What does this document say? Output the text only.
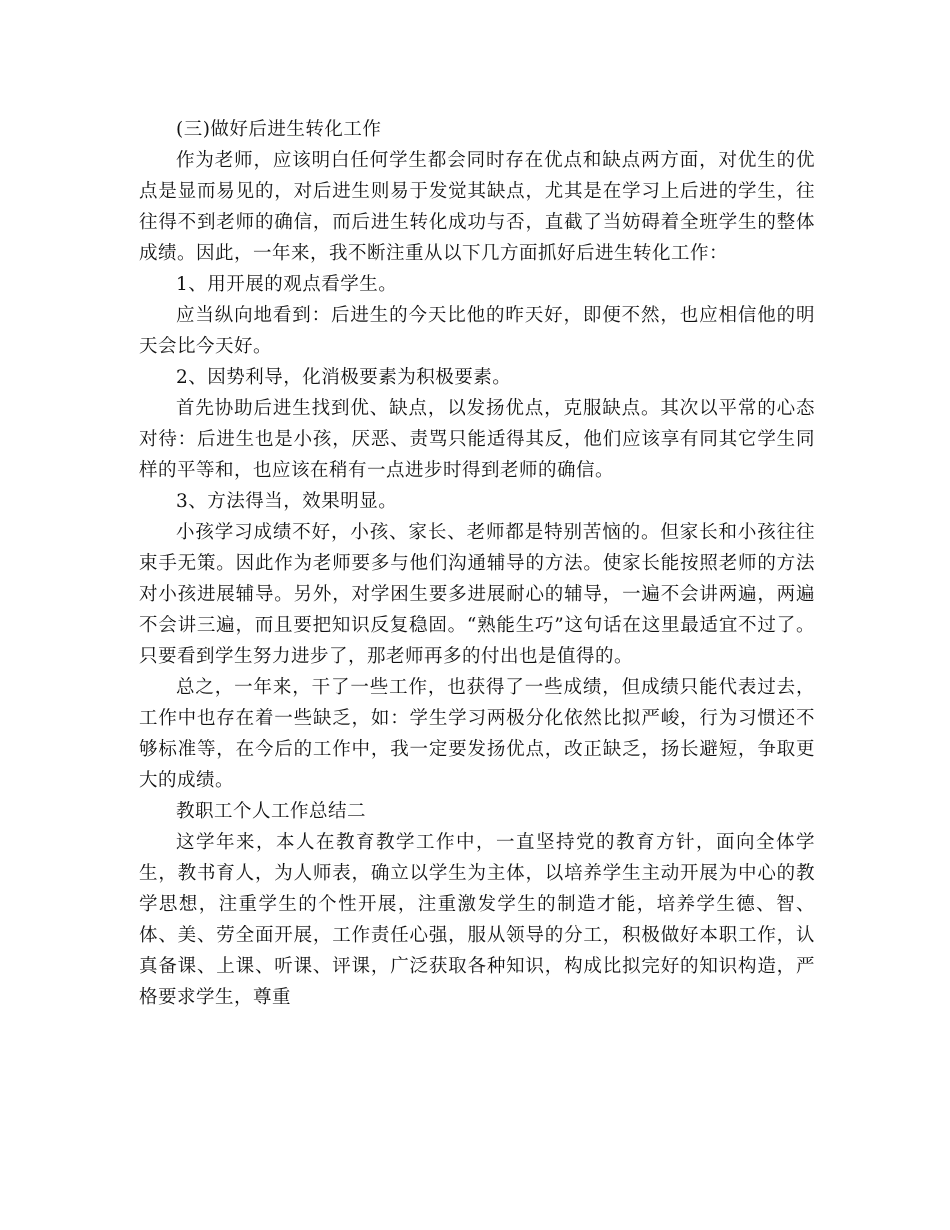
(三)做好后进生转化工作

作为老师，应该明白任何学生都会同时存在优点和缺点两方面，对优生的优点是显而易见的，对后进生则易于发觉其缺点，尤其是在学习上后进的学生，往往得不到老师的确信，而后进生转化成功与否，直截了当妨碍着全班学生的整体成绩。因此，一年来，我不断注重从以下几方面抓好后进生转化工作：

1、用开展的观点看学生。

应当纵向地看到：后进生的今天比他的昨天好，即便不然，也应相信他的明天会比今天好。

2、因势利导，化消极要素为积极要素。

首先协助后进生找到优、缺点，以发扬优点，克服缺点。其次以平常的心态对待：后进生也是小孩，厌恶、责骂只能适得其反，他们应该享有同其它学生同样的平等和，也应该在稍有一点进步时得到老师的确信。

3、方法得当，效果明显。

小孩学习成绩不好，小孩、家长、老师都是特别苦恼的。但家长和小孩往往束手无策。因此作为老师要多与他们沟通辅导的方法。使家长能按照老师的方法对小孩进展辅导。另外，对学困生要多进展耐心的辅导，一遍不会讲两遍，两遍不会讲三遍，而且要把知识反复稳固。“熟能生巧”这句话在这里最适宜不过了。只要看到学生努力进步了，那老师再多的付出也是值得的。

总之，一年来，干了一些工作，也获得了一些成绩，但成绩只能代表过去，工作中也存在着一些缺乏，如：学生学习两极分化依然比拟严峻，行为习惯还不够标准等，在今后的工作中，我一定要发扬优点，改正缺乏，扬长避短，争取更大的成绩。

教职工个人工作总结二

这学年来，本人在教育教学工作中，一直坚持党的教育方针，面向全体学生，教书育人，为人师表，确立以学生为主体，以培养学生主动开展为中心的教学思想，注重学生的个性开展，注重激发学生的制造才能，培养学生德、智、体、美、劳全面开展，工作责任心强，服从领导的分工，积极做好本职工作，认真备课、上课、听课、评课，广泛获取各种知识，构成比拟完好的知识构造，严格要求学生，尊重
